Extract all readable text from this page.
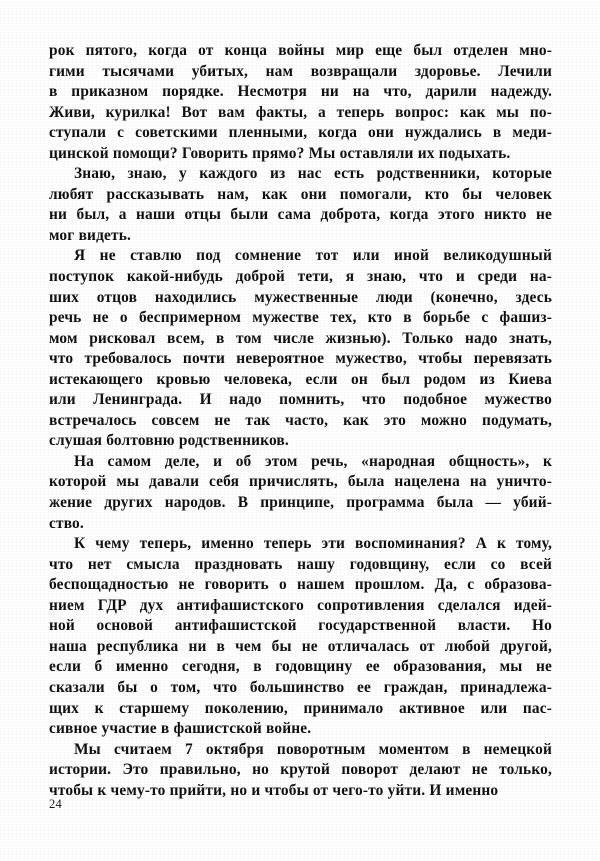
рок пятого, когда от конца войны мир еще был отделен мно-
гими тысячами убитых, нам возвращали здоровье. Лечили
в приказном порядке. Несмотря ни на что, дарили надежду.
Живи, курилка! Вот вам факты, а теперь вопрос: как мы по-
ступали с советскими пленными, когда они нуждались в меди-
цинской помощи? Говорить прямо? Мы оставляли их подыхать.

Знаю, знаю, у каждого из нас есть родственники, которые
любят рассказывать нам, как они помогали, кто бы человек
ни был, а наши отцы были сама доброта, когда этого никто не
мог видеть.

Я не ставлю под сомнение тот или иной великодушный
поступок какой-нибудь доброй тети, я знаю, что и среди на-
ших отцов находились мужественные люди (конечно, здесь
речь не о беспримерном мужестве тех, кто в борьбе с фашиз-
мом рисковал всем, в том числе жизнью). Только надо знать,
что требовалось почти невероятное мужество, чтобы перевязать
истекающего кровью человека, если он был родом из Киева
или Ленинграда. И надо помнить, что подобное мужество
встречалось совсем не так часто, как это можно подумать,
слушая болтовню родственников.

На самом деле, и об этом речь, «народная общность», к
которой мы давали себя причислять, была нацелена на уничто-
жение других народов. В принципе, программа была — убий-
ство.

К чему теперь, именно теперь эти воспоминания? А к тому,
что нет смысла праздновать нашу годовщину, если со всей
беспощадностью не говорить о нашем прошлом. Да, с образова-
нием ГДР дух антифашистского сопротивления сделался идей-
ной основой антифашистской государственной власти. Но
наша республика ни в чем бы не отличалась от любой другой,
если б именно сегодня, в годовщину ее образования, мы не
сказали бы о том, что большинство ее граждан, принадлежа-
щих к старшему поколению, принимало активное или пас-
сивное участие в фашистской войне.

Мы считаем 7 октября поворотным моментом в немецкой
истории. Это правильно, но крутой поворот делают не только,
чтобы к чему-то прийти, но и чтобы от чего-то уйти. И именно

24
